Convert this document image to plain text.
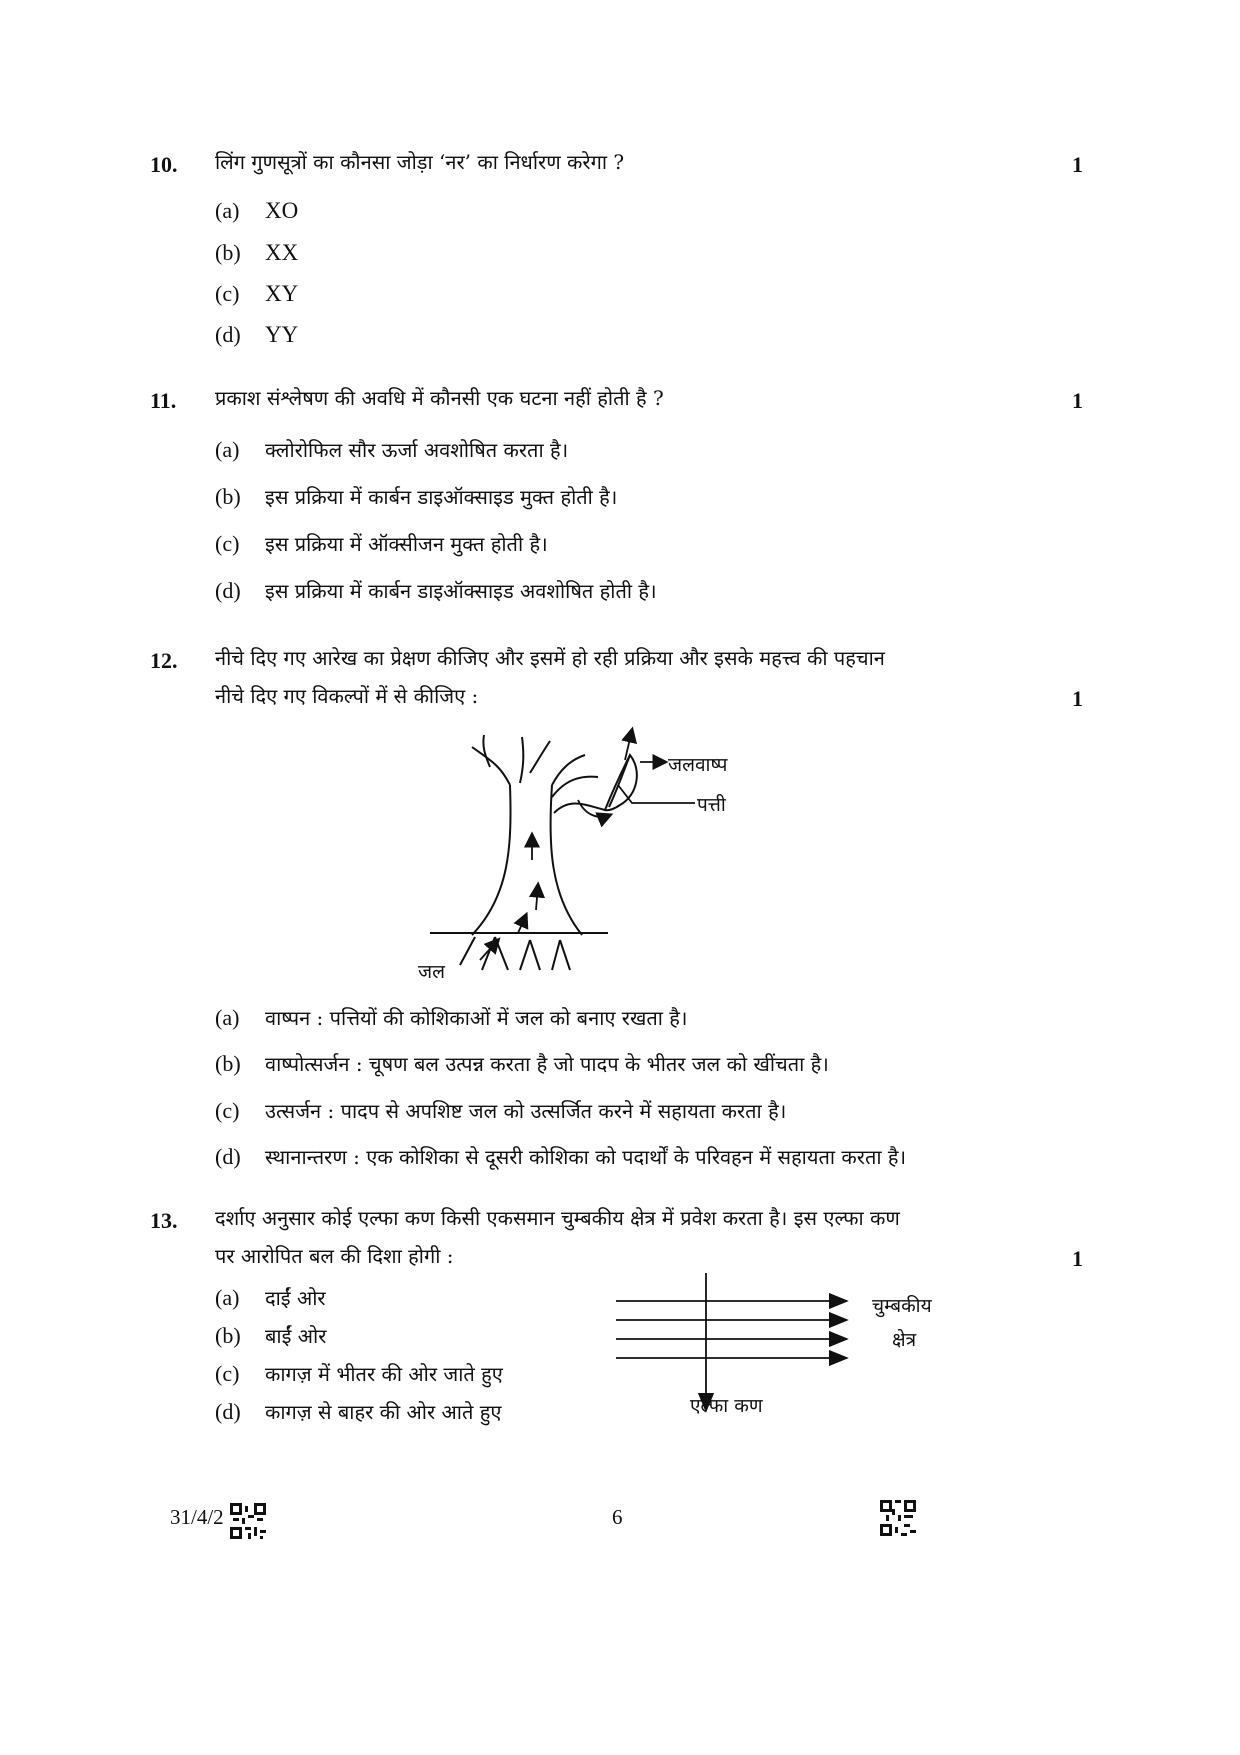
10. लिंग गुणसूत्रों का कौनसा जोड़ा ‘नर’ का निर्धारण करेगा ?	1
(a) XO
(b) XX
(c) XY
(d) YY
11. प्रकाश संश्लेषण की अवधि में कौनसी एक घटना नहीं होती है ?	1
(a) क्लोरोफिल सौर ऊर्जा अवशोषित करता है।
(b) इस प्रक्रिया में कार्बन डाइऑक्साइड मुक्त होती है।
(c) इस प्रक्रिया में ऑक्सीजन मुक्त होती है।
(d) इस प्रक्रिया में कार्बन डाइऑक्साइड अवशोषित होती है।
12. नीचे दिए गए आरेख का प्रेक्षण कीजिए और इसमें हो रही प्रक्रिया और इसके महत्त्व की पहचान
नीचे दिए गए विकल्पों में से कीजिए :	1
जलवाष्प
पत्ती
जल
(a) वाष्पन : पत्तियों की कोशिकाओं में जल को बनाए रखता है।
(b) वाष्पोत्सर्जन : चूषण बल उत्पन्न करता है जो पादप के भीतर जल को खींचता है।
(c) उत्सर्जन : पादप से अपशिष्ट जल को उत्सर्जित करने में सहायता करता है।
(d) स्थानान्तरण : एक कोशिका से दूसरी कोशिका को पदार्थों के परिवहन में सहायता करता है।
13. दर्शाए अनुसार कोई एल्फा कण किसी एकसमान चुम्बकीय क्षेत्र में प्रवेश करता है। इस एल्फा कण
पर आरोपित बल की दिशा होगी :	1
(a) दाईं ओर
(b) बाईं ओर
(c) कागज़ में भीतर की ओर जाते हुए
(d) कागज़ से बाहर की ओर आते हुए
चुम्बकीय
क्षेत्र
एल्फा कण
31/4/2	6
